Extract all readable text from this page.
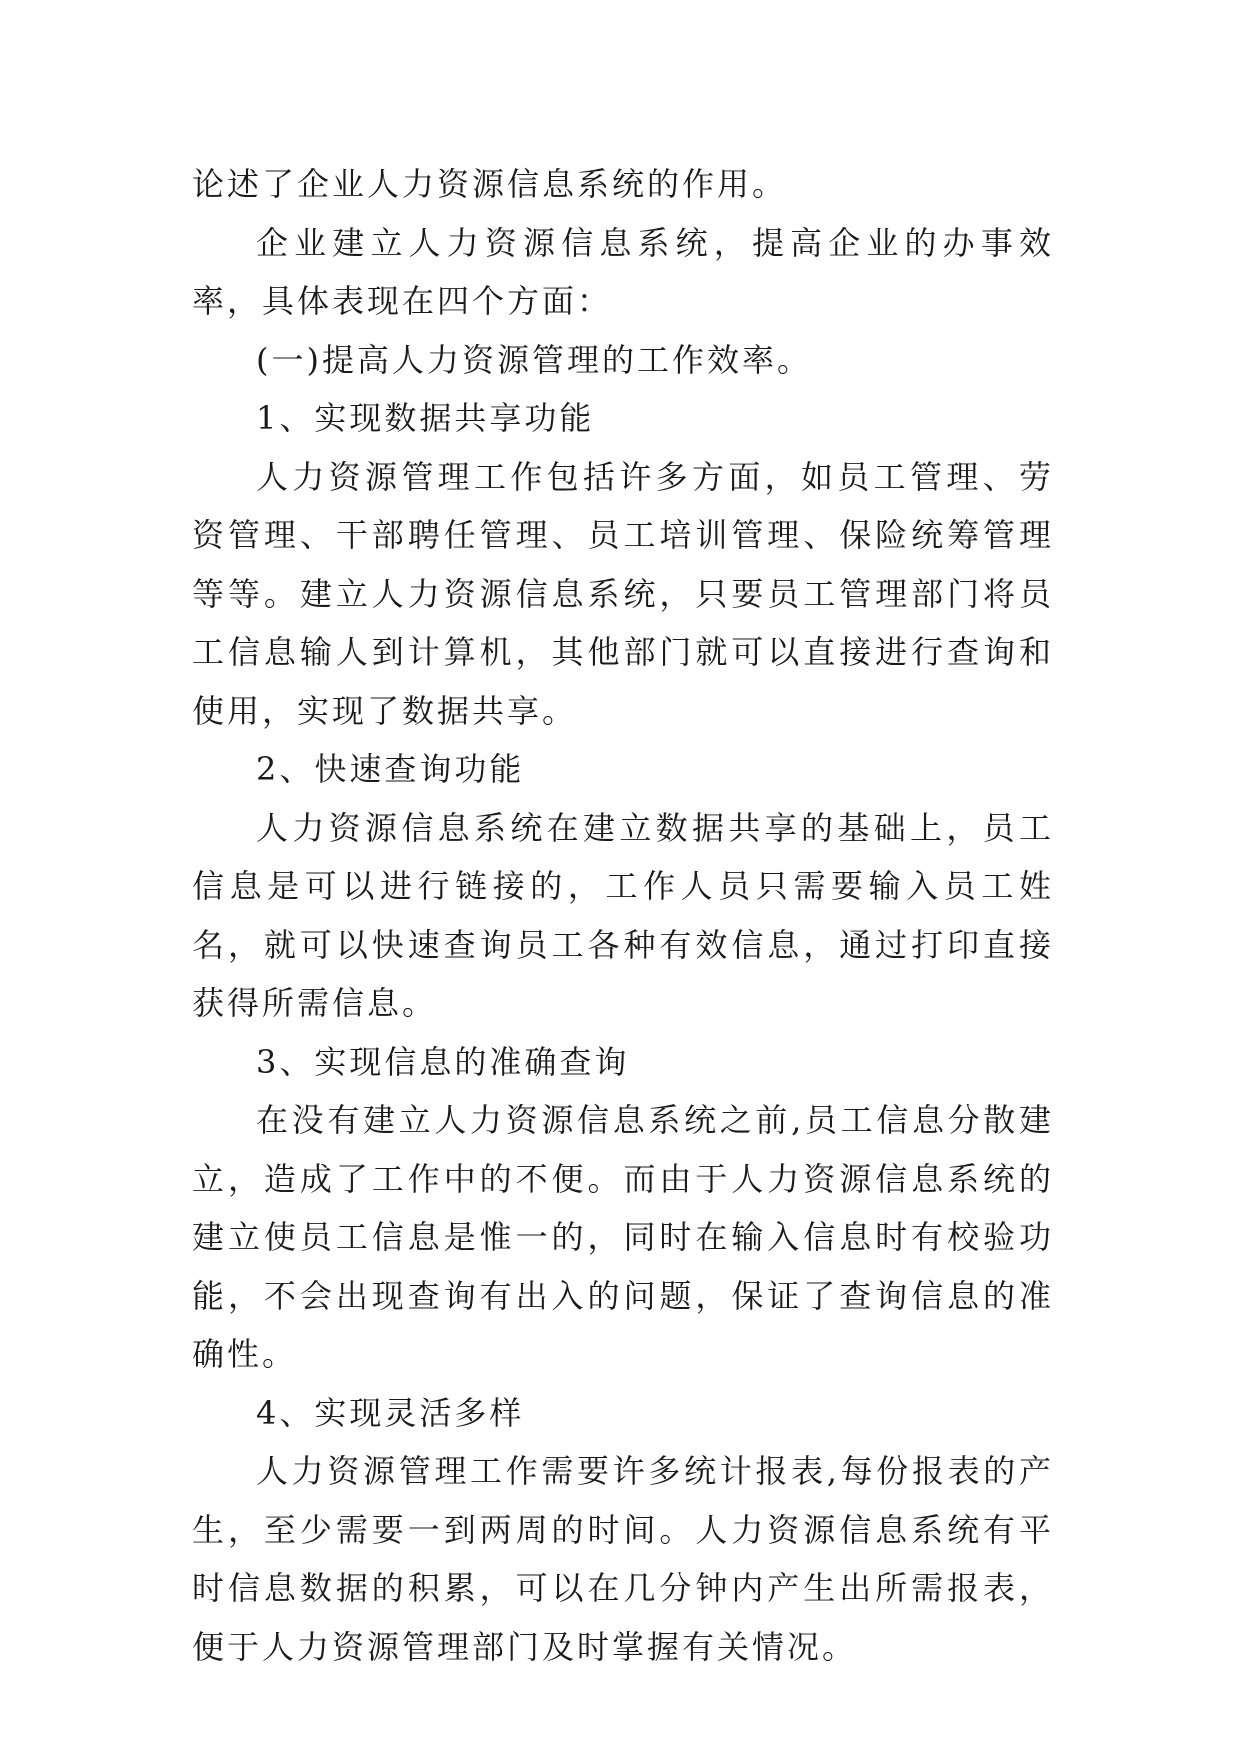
论述了企业人力资源信息系统的作用。

企业建立人力资源信息系统，提高企业的办事效率，具体表现在四个方面：

(一)提高人力资源管理的工作效率。

1、实现数据共享功能

人力资源管理工作包括许多方面，如员工管理、劳资管理、干部聘任管理、员工培训管理、保险统筹管理等等。建立人力资源信息系统，只要员工管理部门将员工信息输人到计算机，其他部门就可以直接进行查询和使用，实现了数据共享。

2、快速查询功能

人力资源信息系统在建立数据共享的基础上，员工信息是可以进行链接的，工作人员只需要输入员工姓名，就可以快速查询员工各种有效信息，通过打印直接获得所需信息。

3、实现信息的准确查询

在没有建立人力资源信息系统之前,员工信息分散建立，造成了工作中的不便。而由于人力资源信息系统的建立使员工信息是惟一的，同时在输入信息时有校验功能，不会出现查询有出入的问题，保证了查询信息的准确性。

4、实现灵活多样

人力资源管理工作需要许多统计报表,每份报表的产生，至少需要一到两周的时间。人力资源信息系统有平时信息数据的积累，可以在几分钟内产生出所需报表，便于人力资源管理部门及时掌握有关情况。
